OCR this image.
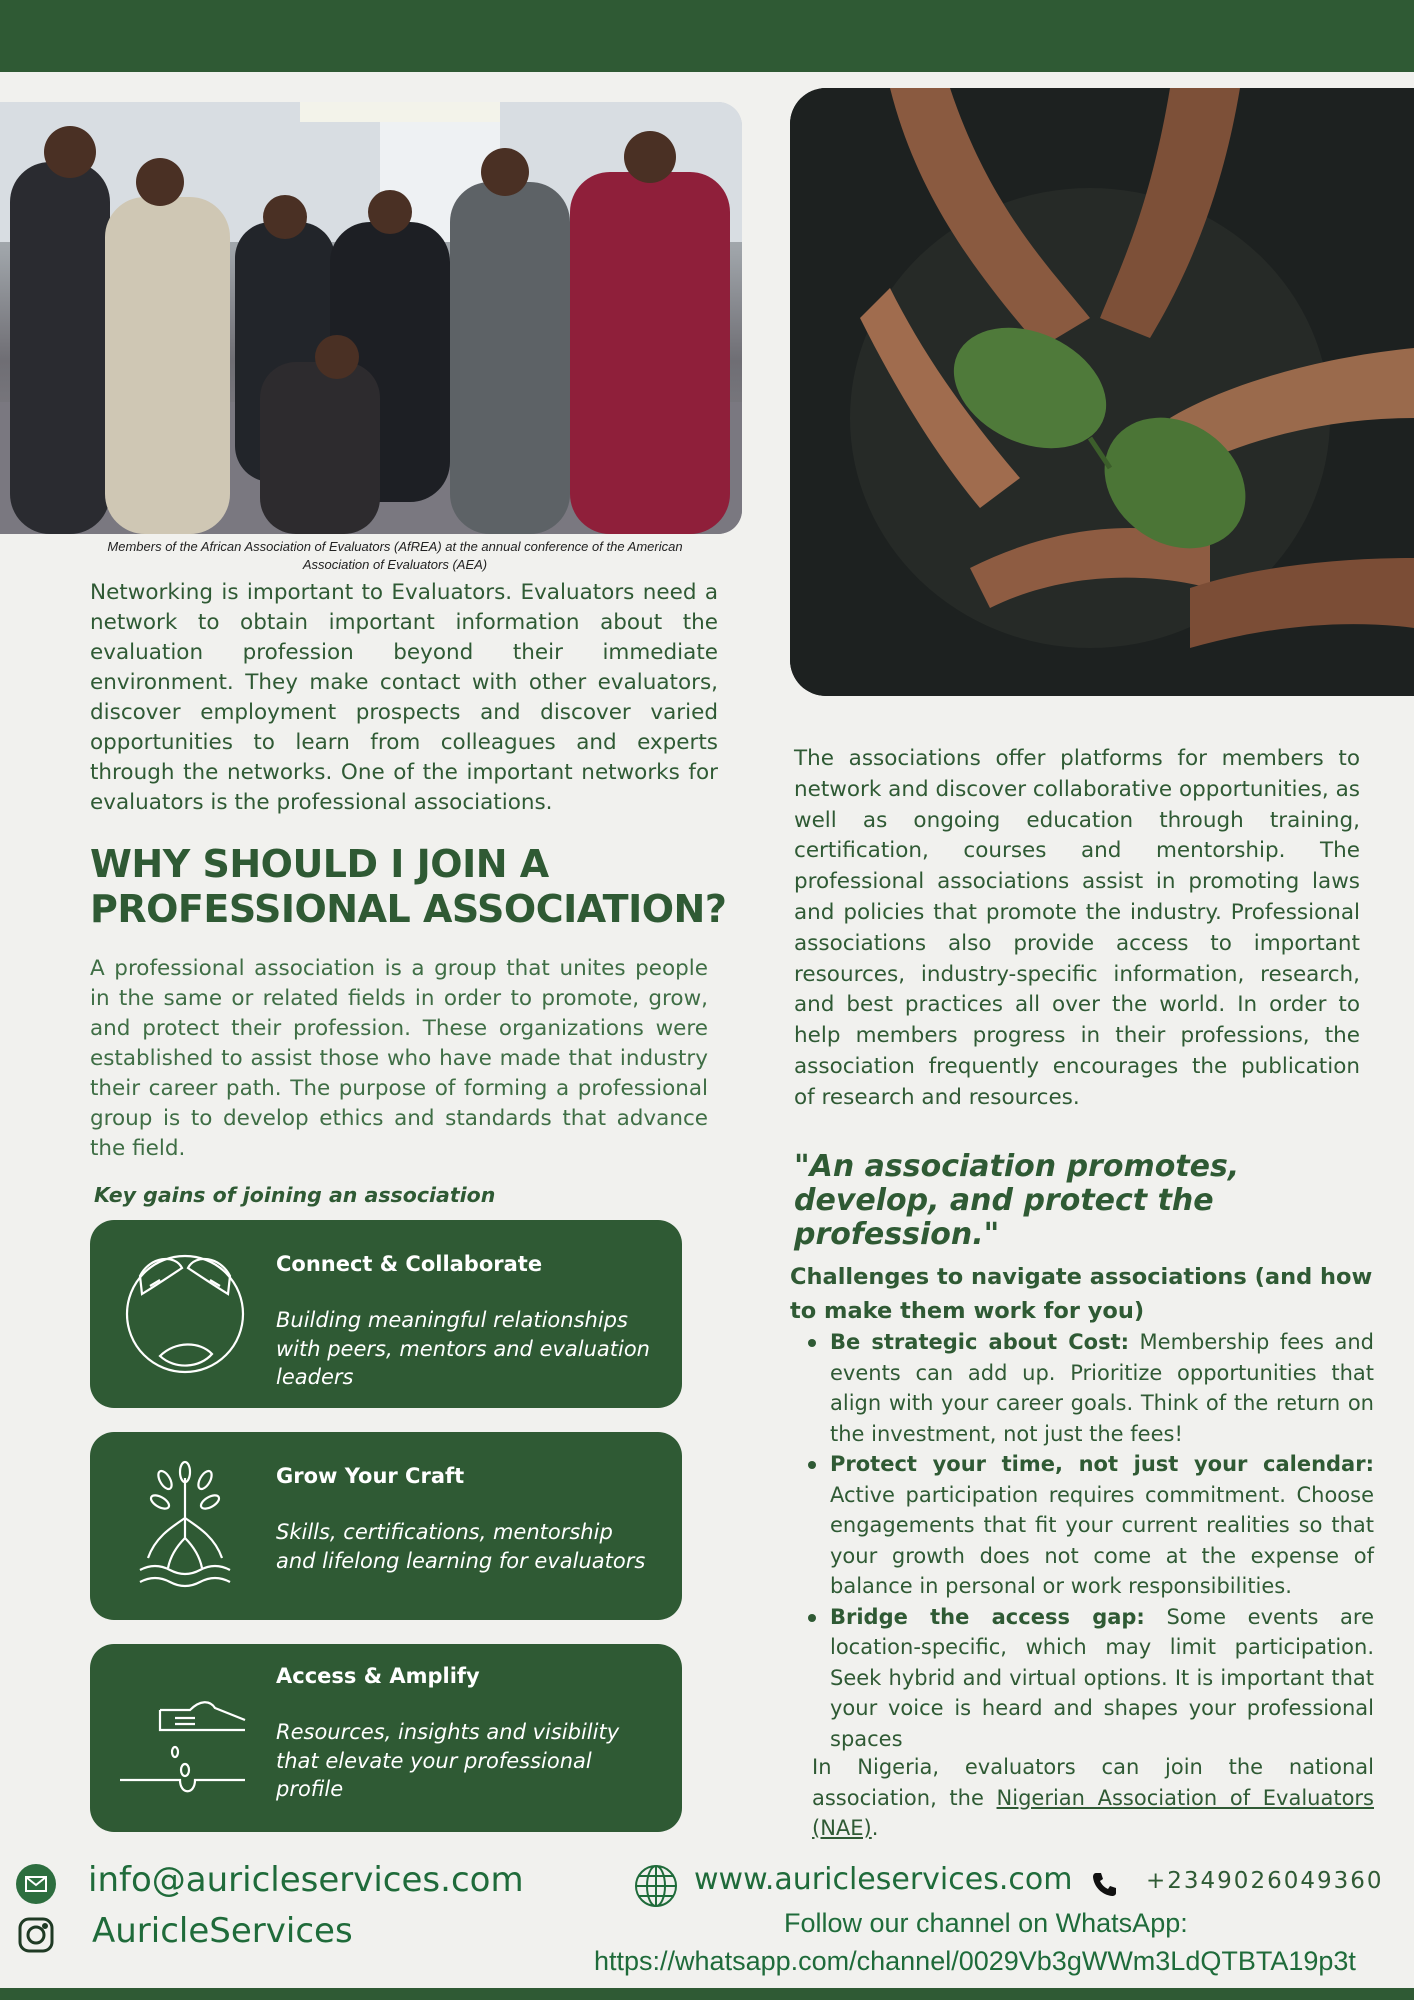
Members of the African Association of Evaluators (AfREA) at the annual conference of the American Association of Evaluators (AEA)
Networking is important to Evaluators. Evaluators need a network to obtain important information about the evaluation profession beyond their immediate environment. They make contact with other evaluators, discover employment prospects and discover varied opportunities to learn from colleagues and experts through the networks. One of the important networks for evaluators is the professional associations.
WHY SHOULD I JOIN A
PROFESSIONAL ASSOCIATION?
A professional association is a group that unites people in the same or related fields in order to promote, grow, and protect their profession. These organizations were established to assist those who have made that industry their career path. The purpose of forming a professional group is to develop ethics and standards that advance the field.
Key gains of joining an association
Connect & Collaborate
Building meaningful relationships with peers, mentors and evaluation leaders
Grow Your Craft
Skills, certifications, mentorship and lifelong learning for evaluators
Access & Amplify
Resources, insights and visibility that elevate your professional profile
The associations offer platforms for members to network and discover collaborative opportunities, as well as ongoing education through training, certification, courses and mentorship. The professional associations assist in promoting laws and policies that promote the industry. Professional associations also provide access to important resources, industry-specific information, research, and best practices all over the world. In order to help members progress in their professions, the association frequently encourages the publication of research and resources.
"An association promotes, develop, and protect the profession."
Challenges to navigate associations (and how to make them work for you)
Be strategic about Cost: Membership fees and events can add up. Prioritize opportunities that align with your career goals. Think of the return on the investment, not just the fees!
Protect your time, not just your calendar: Active participation requires commitment. Choose engagements that fit your current realities so that your growth does not come at the expense of balance in personal or work responsibilities.
Bridge the access gap: Some events are location-specific, which may limit participation. Seek hybrid and virtual options. It is important that your voice is heard and shapes your professional spaces
In Nigeria, evaluators can join the national association, the Nigerian Association of Evaluators (NAE).
info@auricleservices.com
AuricleServices
www.auricleservices.com	+2349026049360
Follow our channel on WhatsApp:
https://whatsapp.com/channel/0029Vb3gWWm3LdQTBTA19p3t
